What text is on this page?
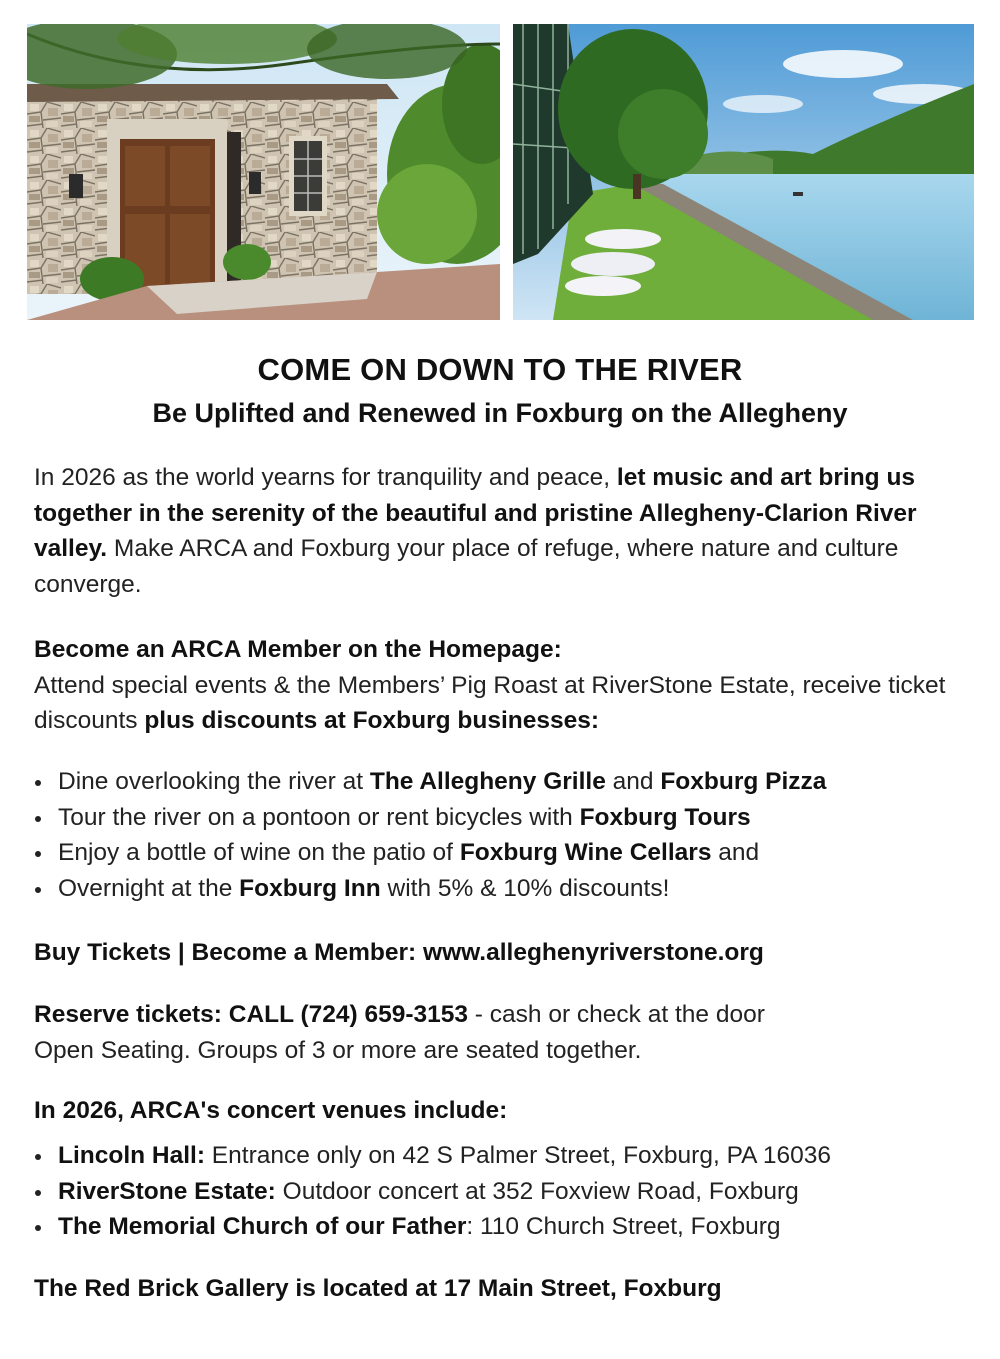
COME ON DOWN TO THE RIVER
Be Uplifted and Renewed in Foxburg on the Allegheny

In 2026 as the world yearns for tranquility and peace, let music and art bring us together in the serenity of the beautiful and pristine Allegheny-Clarion River valley. Make ARCA and Foxburg your place of refuge, where nature and culture converge.

Become an ARCA Member on the Homepage:
Attend special events & the Members’ Pig Roast at RiverStone Estate, receive ticket discounts plus discounts at Foxburg businesses:
Dine overlooking the river at The Allegheny Grille and Foxburg Pizza
Tour the river on a pontoon or rent bicycles with Foxburg Tours
Enjoy a bottle of wine on the patio of Foxburg Wine Cellars and
Overnight at the Foxburg Inn with 5% & 10% discounts!
Buy Tickets | Become a Member: www.alleghenyriverstone.org
Reserve tickets: CALL (724) 659-3153 - cash or check at the door
Open Seating. Groups of 3 or more are seated together.
In 2026, ARCA's concert venues include:
Lincoln Hall: Entrance only on 42 S Palmer Street, Foxburg, PA 16036
RiverStone Estate: Outdoor concert at 352 Foxview Road, Foxburg
The Memorial Church of our Father: 110 Church Street, Foxburg
The Red Brick Gallery is located at 17 Main Street, Foxburg
